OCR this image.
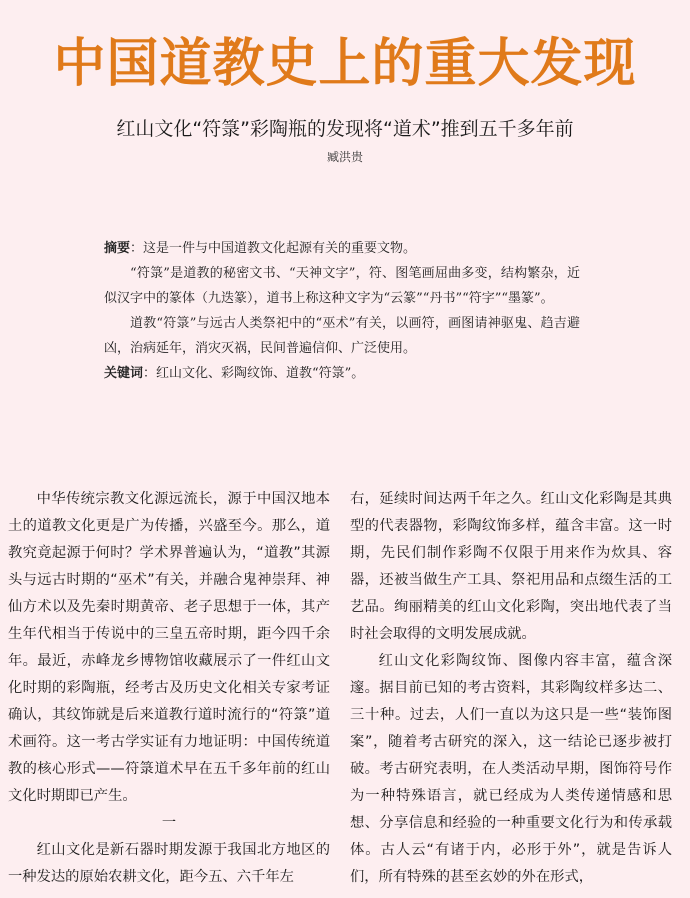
中国道教史上的重大发现
红山文化“符箓”彩陶瓶的发现将“道术”推到五千多年前
臧洪贵

摘要：这是一件与中国道教文化起源有关的重要文物。

“符箓”是道教的秘密文书、“天神文字”，符、图笔画屈曲多变，结构繁杂，近似汉字中的篆体（九迭篆），道书上称这种文字为“云篆”“丹书”“符字”“墨篆”。

道教“符箓”与远古人类祭祀中的“巫术”有关，以画符，画图请神驱鬼、趋吉避凶，治病延年，消灾灭祸，民间普遍信仰、广泛使用。

关键词：红山文化、彩陶纹饰、道教“符箓”。

中华传统宗教文化源远流长，源于中国汉地本土的道教文化更是广为传播，兴盛至今。那么，道教究竟起源于何时？学术界普遍认为，“道教”其源头与远古时期的“巫术”有关，并融合鬼神崇拜、神仙方术以及先秦时期黄帝、老子思想于一体，其产生年代相当于传说中的三皇五帝时期，距今四千余年。最近，赤峰龙乡博物馆收藏展示了一件红山文化时期的彩陶瓶，经考古及历史文化相关专家考证确认，其纹饰就是后来道教行道时流行的“符箓”道术画符。这一考古学实证有力地证明：中国传统道教的核心形式——符箓道术早在五千多年前的红山文化时期即已产生。

一

红山文化是新石器时期发源于我国北方地区的一种发达的原始农耕文化，距今五、六千年左

右，延续时间达两千年之久。红山文化彩陶是其典型的代表器物，彩陶纹饰多样，蕴含丰富。这一时期，先民们制作彩陶不仅限于用来作为炊具、容器，还被当做生产工具、祭祀用品和点缀生活的工艺品。绚丽精美的红山文化彩陶，突出地代表了当时社会取得的文明发展成就。

红山文化彩陶纹饰、图像内容丰富，蕴含深邃。据目前已知的考古资料，其彩陶纹样多达二、三十种。过去，人们一直以为这只是一些“装饰图案”，随着考古研究的深入，这一结论已逐步被打破。考古研究表明，在人类活动早期，图饰符号作为一种特殊语言，就已经成为人类传递情感和思想、分享信息和经验的一种重要文化行为和传承载体。古人云“有诸于内，必形于外”，就是告诉人们，所有特殊的甚至玄妙的外在形式，
